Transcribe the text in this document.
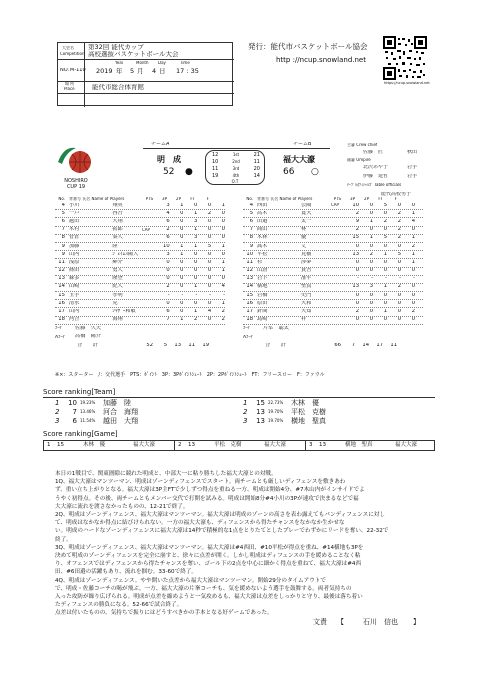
大会名
Competition
第32回 能代カップ
高校選抜バスケットボール大会
NO. M-110
Year	Month Day	Time
2019 年 5 月 4 日 17 : 35
場 所
Place	能代市総合体育館
発行：能代市バスケットボール協会
http ://ncup.snowland.net
https://ncup.snowland.net
NOSHIRO
CUP 19
チームA	チームB
明　成	福大大濠
52	66
●	○
12	1st	21
10	2nd	11
11	3rd	20
19	4th	14
O.T
主審 Crew chief
佐藤　匠	秋田
副審 Umpire
北沢あや子	岩手
伊藤　建哲	岩手
ﾃｰﾌﾞﾙｵﾌｨｼｬﾙｽﾞ Table officials
能代高校男子
No.	背番号 氏名 Name of Players	PTS	3P	2P	FT	F
4 小川	翔英	3	1	0	0	1
5 一戸	啓吾	4	0	1	2	0
6 越田	大翔	6	0	3	0	0
7 木村	拓郎	CAP	2	0	1	0	0
8 菅倉	秦人	6	0	3	0	0
9 加藤	陸	10	1	1	5	1
9 山内	ｼﾞｪｲﾑｽ陽人	3	1	0	0	0
11 浅原	紳介	0	0	0	0	1
12 篠田	勇人	0	0	0	0	1
13 森多	隆登	0	0	0	0	0
14 山崎	紀人	2	0	1	0	4
15 玉手	孝明	-	-	-	-	-
16 清水	晃	0	0	0	0	1
17 山内	ｼｬｻﾞｰ和敏	6	0	1	4	2
18 河合	海翔	7	1	2	0	2
ｺｰﾁ	佐藤　久夫
Aｺｰﾁ	髙橋　陽介
合　　計	52	5	13	11	19
No.	背番号 氏名 Name of Players	PTS	3P	2P	FT	F
4 西田	公陽	CAP	10	0	5	0	0
5 髙木	寛大	2	0	0	2	1
6 田邉	太一	9	1	2	2	4
7 間山	柊	2	0	0	2	0
8 木林	優	15	1	5	2	1
9 嵩木	丈	0	0	0	0	2
10 平松	克樹	13	2	1	5	1
11 杉	涉夢	0	0	0	0	1
12 山唐	貴吾	0	0	0	0	0
13 岩下	准平	-	-	-	-	-
14 横地	聖真	13	3	1	2	0
15 岩橋	史門	0	0	0	0	0
16 原田	大和	0	0	0	0	0
17 針間	大知	2	0	1	0	2
18 島崎	祥	0	0	0	0	0
ｺｰﾁ	片峯　聡太
Aｺｰﾁ
合　　計	66	7	14	17	11
※×：スターター　/：交代選手　PTS：ﾎﾟｲﾝﾄ　3P：3Pﾎﾟｲﾝﾄｼｭｰﾄ　2P：2Pﾎﾟｲﾝﾄｼｭｰﾄ　FT：フリースロー　F：ファウル
Score ranking[Team]
1	10 19.23%	加藤　陸
2	7 13.46%	河合　海翔
3	6 11.54%	越田　大翔
1	15 22.73%	木林　優
2	13 19.70%	平松　克樹
3	13 19.70%	横地　聖真
Score ranking[Game]
1 15	木林　優	福大大濠	2 13	平松　克樹	福大大濠	3 13	横地　聖真	福大大濠

本日の1戦目で、関東圏隙に競れた明成と、中部大一に粘り勝ちした福大大濠との対戦。

1Q、福大大濠はマンツーマン、明成はゾーンディフェンスでスタート。両チームとも厳しいディフェンスを敷きあわ

ず、重い立ち上がりとなる。福大大濠は3P主FTで少しずつ得点を重ねる一方、明成は開始4分、#7木山内がインサイドでよ

うやく初得点。その後、両チームともメンバー交代で打開を試みる。明成は開始8分#4小川の3Pが速攻で決まるなどで福

大大濠に流れを渡さなかったものの、12-21で終了。

2Q、明成はゾーンディフェンス、福大大濠はマンツーマン。福大大濠は明成のゾーンの高さを表わ露えてもバンディフェンスに対し

て、明成はなかなか得点に結びけられない。一方の福大大濠も、ディフェンスから得たチャンスをなかなか生かせな

い。明成のハードなゾーンディフェンスに福大大濠は14秒で積極的な1点をとりたてとしたプレーでわずかにリードを奪い、22-32で

終了。

3Q、明成はゾーンディフェンス、福大大濠はマンツーマン。福大大濠は#4西田、#10平松が得点を重ね、#14横地も3Pを

決めて明成のゾーンディフェンスを完全に崩すと、徐々に点差が開く。しかし明成はディフェンスの手を緩めることなく粘

り、オフェンスではディフェンスから得たチャンスを奪い、ゴール下の2点を中心に細かく得点を重ねて、福大大濠は#4西

田、#6田邉の活躍もあり、流れを掴む。33-60で終了。

4Q、明成はゾーンディフェンス。やや開いた点差から福大大濠はマンツーマン。開始29分のタイムアウトで

で、明成・佐藤コーチの喝が飛ぶ。一方、福大大濠の片峯コーチも、気を緩めないよう選手を鼓舞する。両者気持ちの

入った攻防が繰り広げられる。明成が点差を縮めようと一気攻めるも、福大大濠は点差をしっかりと守り、最後は落ち着い

たディフェンスの勝負になる。52-66で試合終了。

点差は付いたものの、気持ちで振りにはどうすべきかの手本となる好ゲームであった。

文責 【	石川　信也 】
